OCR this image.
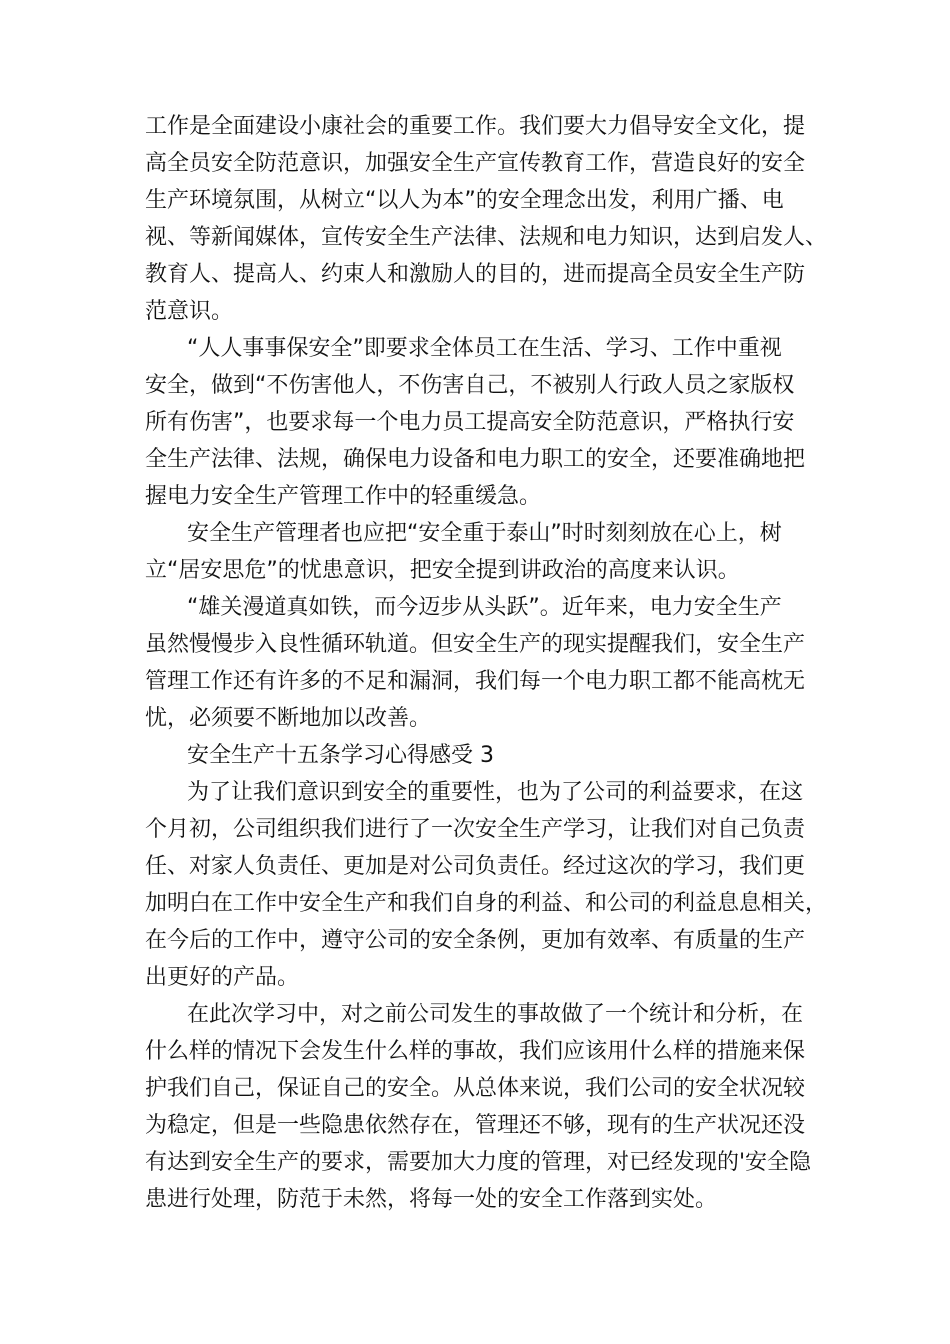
工作是全面建设小康社会的重要工作。我们要大力倡导安全文化，提
高全员安全防范意识，加强安全生产宣传教育工作，营造良好的安全
生产环境氛围，从树立“以人为本”的安全理念出发，利用广播、电
视、等新闻媒体，宣传安全生产法律、法规和电力知识，达到启发人、
教育人、提高人、约束人和激励人的目的，进而提高全员安全生产防
范意识。
“人人事事保安全”即要求全体员工在生活、学习、工作中重视
安全，做到“不伤害他人，不伤害自己，不被别人行政人员之家版权
所有伤害”，也要求每一个电力员工提高安全防范意识，严格执行安
全生产法律、法规，确保电力设备和电力职工的安全，还要准确地把
握电力安全生产管理工作中的轻重缓急。
安全生产管理者也应把“安全重于泰山”时时刻刻放在心上，树
立“居安思危”的忧患意识，把安全提到讲政治的高度来认识。
“雄关漫道真如铁，而今迈步从头跃”。近年来，电力安全生产
虽然慢慢步入良性循环轨道。但安全生产的现实提醒我们，安全生产
管理工作还有许多的不足和漏洞，我们每一个电力职工都不能高枕无
忧，必须要不断地加以改善。
安全生产十五条学习心得感受 3
为了让我们意识到安全的重要性，也为了公司的利益要求，在这
个月初，公司组织我们进行了一次安全生产学习，让我们对自己负责
任、对家人负责任、更加是对公司负责任。经过这次的学习，我们更
加明白在工作中安全生产和我们自身的利益、和公司的利益息息相关，
在今后的工作中，遵守公司的安全条例，更加有效率、有质量的生产
出更好的产品。
在此次学习中，对之前公司发生的事故做了一个统计和分析，在
什么样的情况下会发生什么样的事故，我们应该用什么样的措施来保
护我们自己，保证自己的安全。从总体来说，我们公司的安全状况较
为稳定，但是一些隐患依然存在，管理还不够，现有的生产状况还没
有达到安全生产的要求，需要加大力度的管理，对已经发现的'安全隐
患进行处理，防范于未然，将每一处的安全工作落到实处。
